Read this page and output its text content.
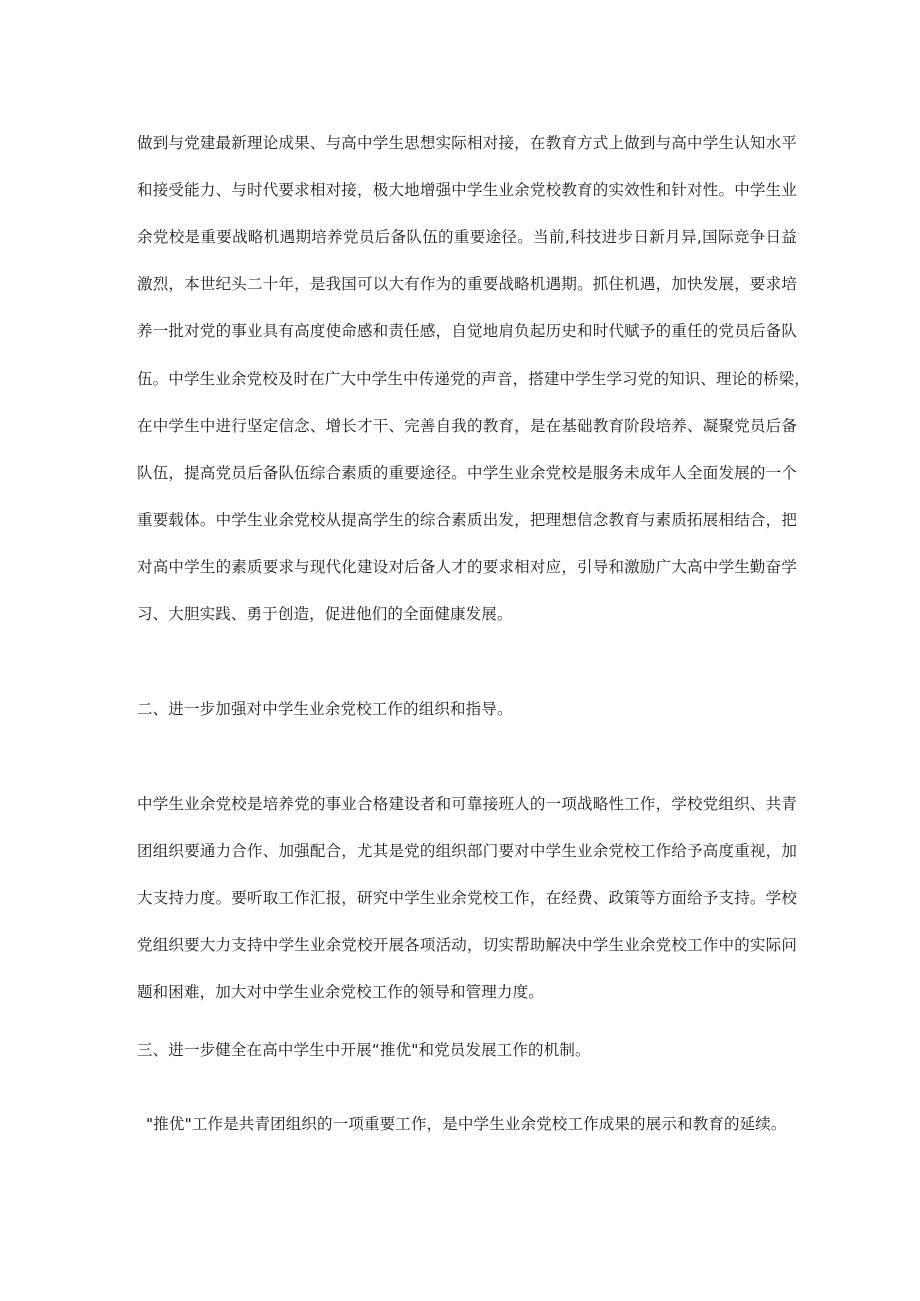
做到与党建最新理论成果、与高中学生思想实际相对接，在教育方式上做到与高中学生认知水平
和接受能力、与时代要求相对接，极大地增强中学生业余党校教育的实效性和针对性。中学生业
余党校是重要战略机遇期培养党员后备队伍的重要途径。当前,科技进步日新月异,国际竞争日益
激烈，本世纪头二十年，是我国可以大有作为的重要战略机遇期。抓住机遇，加快发展，要求培
养一批对党的事业具有高度使命感和责任感，自觉地肩负起历史和时代赋予的重任的党员后备队
伍。中学生业余党校及时在广大中学生中传递党的声音，搭建中学生学习党的知识、理论的桥梁，
在中学生中进行坚定信念、增长才干、完善自我的教育，是在基础教育阶段培养、凝聚党员后备
队伍，提高党员后备队伍综合素质的重要途径。中学生业余党校是服务未成年人全面发展的一个
重要载体。中学生业余党校从提高学生的综合素质出发，把理想信念教育与素质拓展相结合，把
对高中学生的素质要求与现代化建设对后备人才的要求相对应，引导和激励广大高中学生勤奋学
习、大胆实践、勇于创造，促进他们的全面健康发展。
二、进一步加强对中学生业余党校工作的组织和指导。
中学生业余党校是培养党的事业合格建设者和可靠接班人的一项战略性工作，学校党组织、共青
团组织要通力合作、加强配合，尤其是党的组织部门要对中学生业余党校工作给予高度重视，加
大支持力度。要听取工作汇报，研究中学生业余党校工作，在经费、政策等方面给予支持。学校
党组织要大力支持中学生业余党校开展各项活动，切实帮助解决中学生业余党校工作中的实际问
题和困难，加大对中学生业余党校工作的领导和管理力度。
三、进一步健全在高中学生中开展“推优"和党员发展工作的机制。
"推优"工作是共青团组织的一项重要工作，是中学生业余党校工作成果的展示和教育的延续。
